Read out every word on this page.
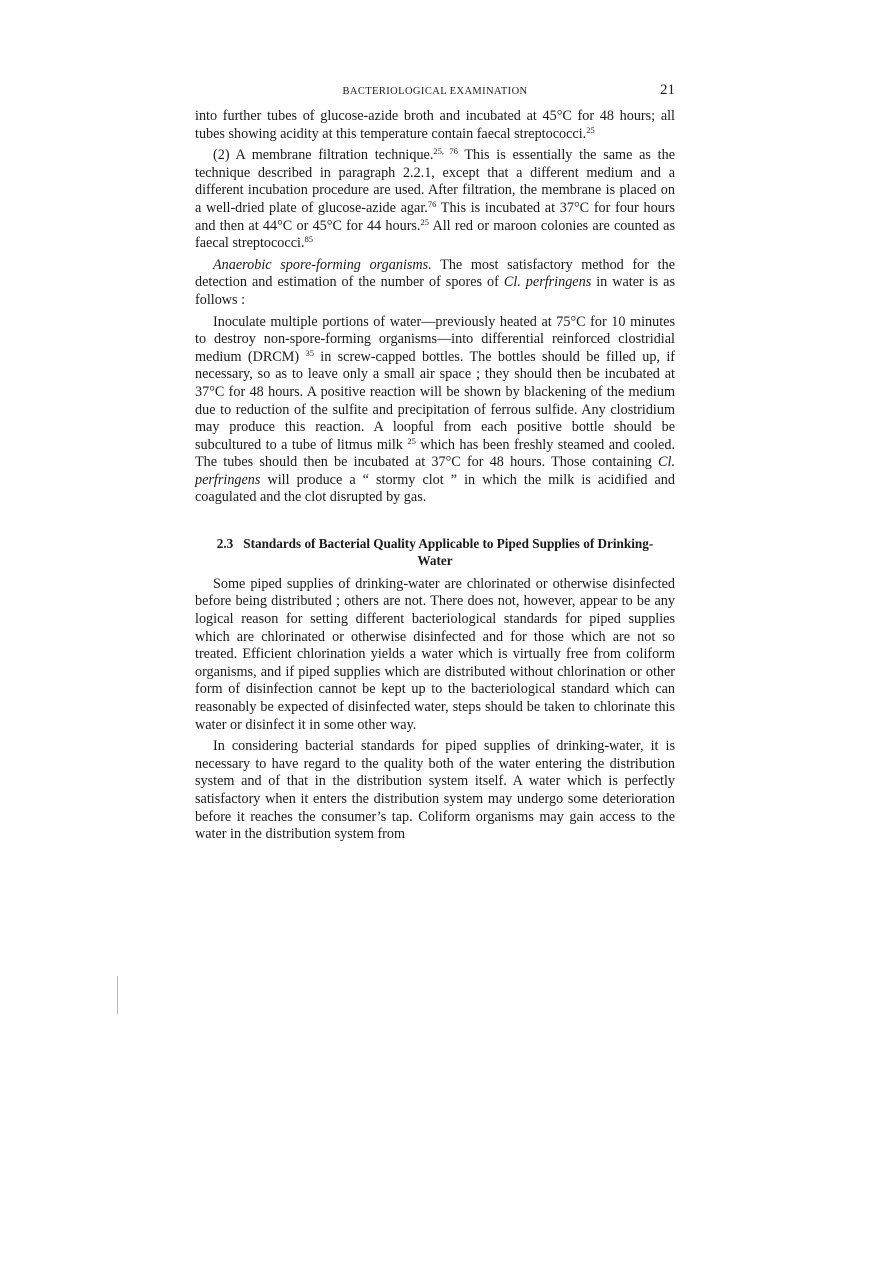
BACTERIOLOGICAL EXAMINATION	21

into further tubes of glucose-azide broth and incubated at 45°C for 48 hours; all tubes showing acidity at this temperature contain faecal streptococci.$^{25}$

(2) A membrane filtration technique.$^{25, 76}$ This is essentially the same as the technique described in paragraph 2.2.1, except that a different medium and a different incubation procedure are used. After filtration, the membrane is placed on a well-dried plate of glucose-azide agar.$^{76}$ This is incubated at 37°C for four hours and then at 44°C or 45°C for 44 hours.$^{25}$ All red or maroon colonies are counted as faecal streptococci.$^{85}$

Anaerobic spore-forming organisms. The most satisfactory method for the detection and estimation of the number of spores of Cl. perfringens in water is as follows :

Inoculate multiple portions of water—previously heated at 75°C for 10 minutes to destroy non-spore-forming organisms—into differential reinforced clostridial medium (DRCM) $^{35}$ in screw-capped bottles. The bottles should be filled up, if necessary, so as to leave only a small air space ; they should then be incubated at 37°C for 48 hours. A positive reaction will be shown by blackening of the medium due to reduction of the sulfite and precipitation of ferrous sulfide. Any clostridium may produce this reaction. A loopful from each positive bottle should be subcultured to a tube of litmus milk $^{25}$ which has been freshly steamed and cooled. The tubes should then be incubated at 37°C for 48 hours. Those containing Cl. perfringens will produce a “ stormy clot ” in which the milk is acidified and coagulated and the clot disrupted by gas.

2.3 Standards of Bacterial Quality Applicable to Piped Supplies of Drinking-Water

Some piped supplies of drinking-water are chlorinated or otherwise disinfected before being distributed ; others are not. There does not, however, appear to be any logical reason for setting different bacteriological standards for piped supplies which are chlorinated or otherwise disinfected and for those which are not so treated. Efficient chlorination yields a water which is virtually free from coliform organisms, and if piped supplies which are distributed without chlorination or other form of disinfection cannot be kept up to the bacteriological standard which can reasonably be expected of disinfected water, steps should be taken to chlorinate this water or disinfect it in some other way.

In considering bacterial standards for piped supplies of drinking-water, it is necessary to have regard to the quality both of the water entering the distribution system and of that in the distribution system itself. A water which is perfectly satisfactory when it enters the distribution system may undergo some deterioration before it reaches the consumer’s tap. Coliform organisms may gain access to the water in the distribution system from
